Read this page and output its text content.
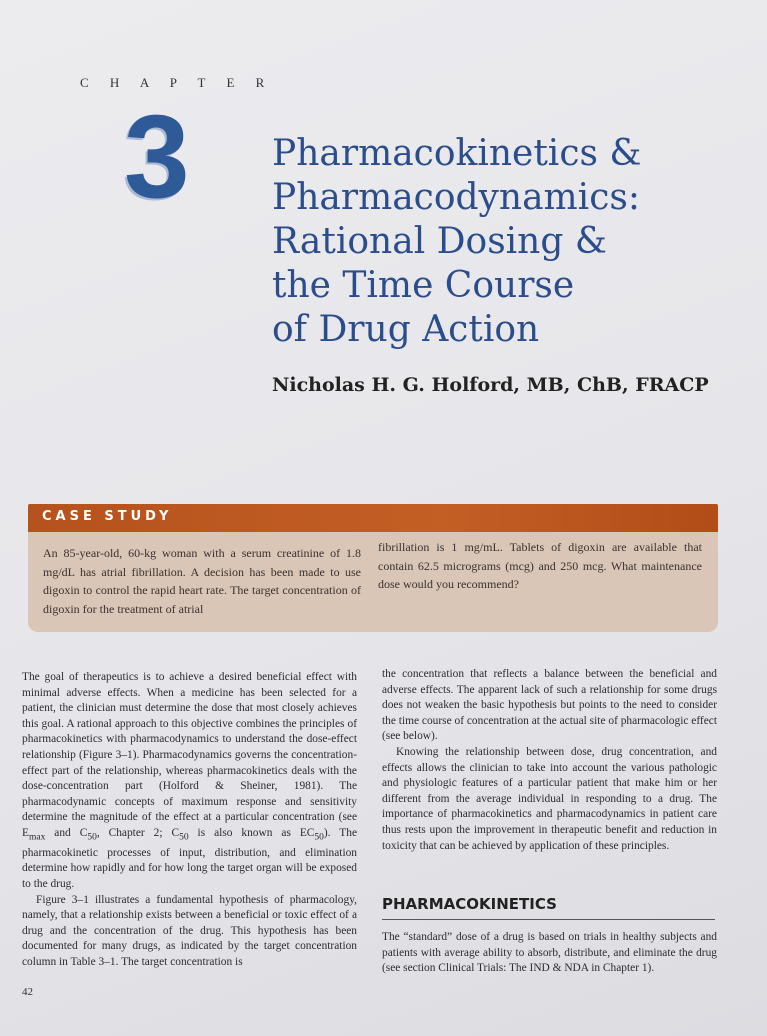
C H A P T E R
3 Pharmacokinetics &
Pharmacodynamics:
Rational Dosing &
the Time Course
of Drug Action
Nicholas H. G. Holford, MB, ChB, FRACP
CASE STUDY
An 85-year-old, 60-kg woman with a serum creatinine of 1.8 mg/dL has atrial fibrillation. A decision has been made to use digoxin to control the rapid heart rate. The target concentration of digoxin for the treatment of atrial
fibrillation is 1 mg/mL. Tablets of digoxin are available that contain 62.5 micrograms (mcg) and 250 mcg. What maintenance dose would you recommend?

The goal of therapeutics is to achieve a desired beneficial effect with minimal adverse effects. When a medicine has been selected for a patient, the clinician must determine the dose that most closely achieves this goal. A rational approach to this objective combines the principles of pharmacokinetics with pharmacodynamics to understand the dose-effect relationship (Figure 3–1). Pharmacodynamics governs the concentration-effect part of the relationship, whereas pharmacokinetics deals with the dose-concentration part (Holford & Sheiner, 1981). The pharmacodynamic concepts of maximum response and sensitivity determine the magnitude of the effect at a particular concentration (see $E_{max}$ and $C_{50}$, Chapter 2; $C_{50}$ is also known as $EC_{50}$). The pharmacokinetic processes of input, distribution, and elimination determine how rapidly and for how long the target organ will be exposed to the drug.

Figure 3–1 illustrates a fundamental hypothesis of pharmacology, namely, that a relationship exists between a beneficial or toxic effect of a drug and the concentration of the drug. This hypothesis has been documented for many drugs, as indicated by the target concentration column in Table 3–1. The target concentration is

the concentration that reflects a balance between the beneficial and adverse effects. The apparent lack of such a relationship for some drugs does not weaken the basic hypothesis but points to the need to consider the time course of concentration at the actual site of pharmacologic effect (see below).

Knowing the relationship between dose, drug concentration, and effects allows the clinician to take into account the various pathologic and physiologic features of a particular patient that make him or her different from the average individual in responding to a drug. The importance of pharmacokinetics and pharmacodynamics in patient care thus rests upon the improvement in therapeutic benefit and reduction in toxicity that can be achieved by application of these principles.

PHARMACOKINETICS

The “standard” dose of a drug is based on trials in healthy subjects and patients with average ability to absorb, distribute, and eliminate the drug (see section Clinical Trials: The IND & NDA in Chapter 1).

42
